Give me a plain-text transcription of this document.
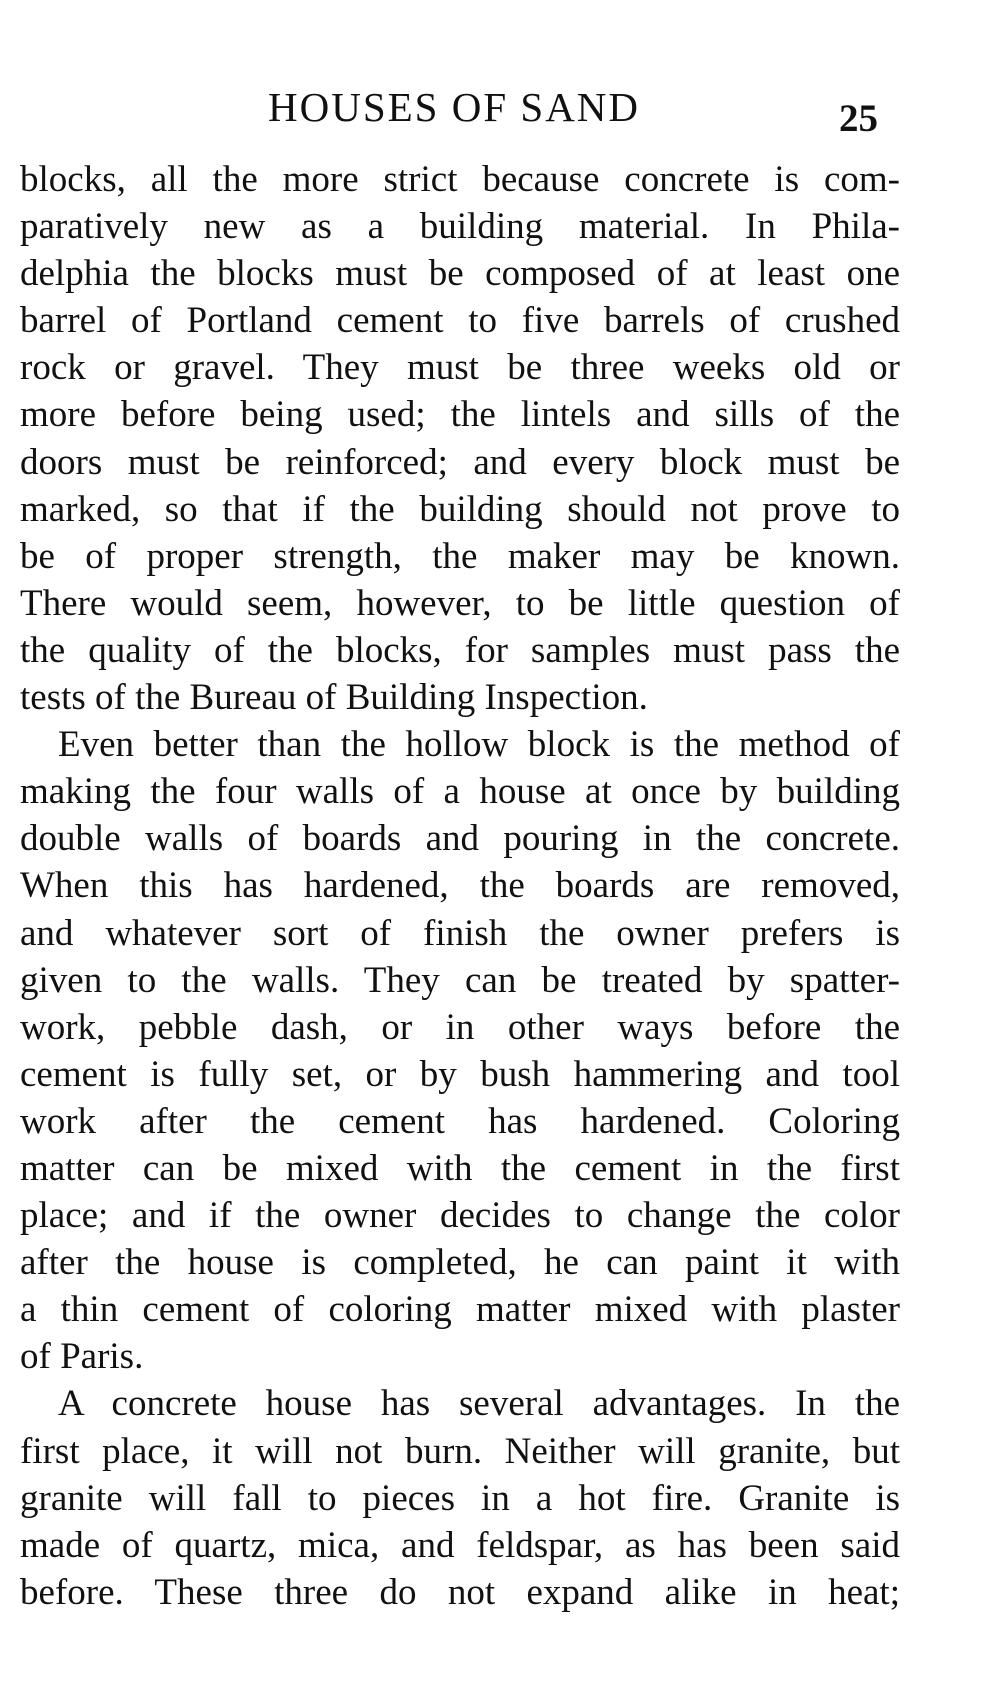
HOUSES OF SAND	25
blocks, all the more strict because concrete is com-
paratively new as a building material. In Phila-
delphia the blocks must be composed of at least one
barrel of Portland cement to five barrels of crushed
rock or gravel. They must be three weeks old or
more before being used; the lintels and sills of the
doors must be reinforced; and every block must be
marked, so that if the building should not prove to
be of proper strength, the maker may be known.
There would seem, however, to be little question of
the quality of the blocks, for samples must pass the
tests of the Bureau of Building Inspection.
Even better than the hollow block is the method of
making the four walls of a house at once by building
double walls of boards and pouring in the concrete.
When this has hardened, the boards are removed,
and whatever sort of finish the owner prefers is
given to the walls. They can be treated by spatter-
work, pebble dash, or in other ways before the
cement is fully set, or by bush hammering and tool
work after the cement has hardened. Coloring
matter can be mixed with the cement in the first
place; and if the owner decides to change the color
after the house is completed, he can paint it with
a thin cement of coloring matter mixed with plaster
of Paris.
A concrete house has several advantages. In the
first place, it will not burn. Neither will granite, but
granite will fall to pieces in a hot fire. Granite is
made of quartz, mica, and feldspar, as has been said
before. These three do not expand alike in heat;
